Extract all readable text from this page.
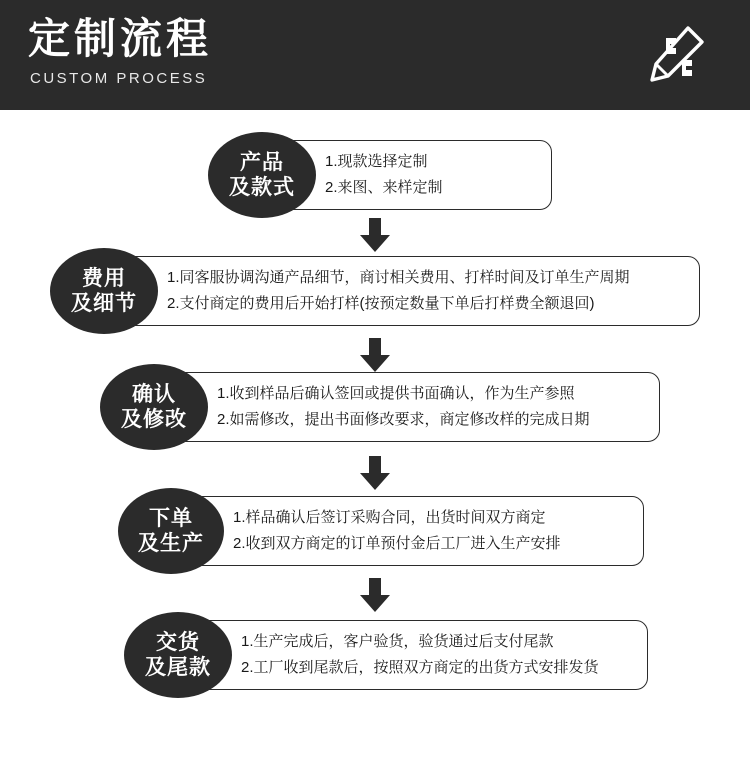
定制流程
CUSTOM PROCESS
1.现款选择定制
2.来图、来样定制
产品
及款式
1.同客服协调沟通产品细节，商讨相关费用、打样时间及订单生产周期
2.支付商定的费用后开始打样(按预定数量下单后打样费全额退回)
费用
及细节
1.收到样品后确认签回或提供书面确认，作为生产参照
2.如需修改，提出书面修改要求，商定修改样的完成日期
确认
及修改
1.样品确认后签订采购合同，出货时间双方商定
2.收到双方商定的订单预付金后工厂进入生产安排
下单
及生产
1.生产完成后，客户验货，验货通过后支付尾款
2.工厂收到尾款后，按照双方商定的出货方式安排发货
交货
及尾款
